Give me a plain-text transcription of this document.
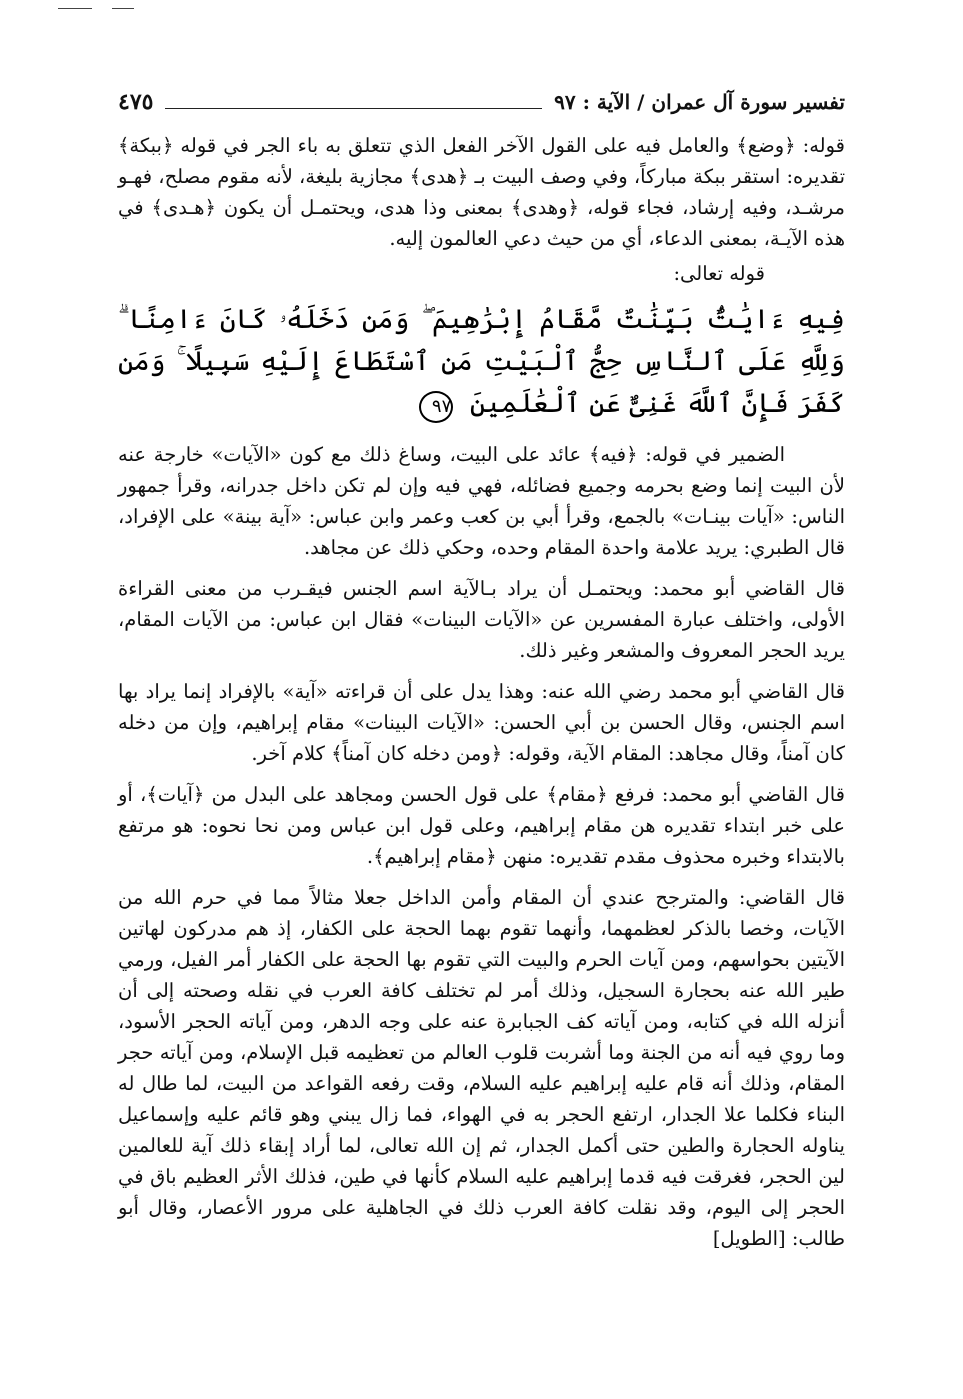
تفسير سورة آل عمران / الآية : ٩٧
٤٧٥

قوله: ﴿وضع﴾ والعامل فيه على القول الآخر الفعل الذي تتعلق به باء الجر في قوله ﴿ببكة﴾ تقديره: استقر ببكة مباركاً، وفي وصف البيت بـ ﴿هدى﴾ مجازية بليغة، لأنه مقوم مصلح، فهـو مرشـد، وفيه إرشاد، فجاء قوله، ﴿وهدى﴾ بمعنى وذا هدى، ويحتمـل أن يكون ﴿هـدى﴾ في هذه الآيـة، بمعنى الدعاء، أي من حيث دعي العالمون إليه.

قوله تعالى:

فِيهِ ءَايَٰتٌۢ بَيِّنَٰتٌ مَّقَامُ إِبْرَٰهِيمَ ۖ وَمَن دَخَلَهُۥ كَانَ ءَامِنًا ۗ وَلِلَّهِ عَلَى ٱلنَّاسِ حِجُّ ٱلْبَيْتِ مَنِ ٱسْتَطَاعَ إِلَيْهِ سَبِيلًا ۚ وَمَن كَفَرَ فَإِنَّ ٱللَّهَ غَنِىٌّ عَنِ ٱلْعَٰلَمِينَ ٩٧

الضمير في قوله: ﴿فيه﴾ عائد على البيت، وساغ ذلك مع كون «الآيات» خارجة عنه لأن البيت إنما وضع بحرمه وجميع فضائله، فهي فيه وإن لم تكن داخل جدرانه، وقرأ جمهور الناس: «آيات بينـات» بالجمع، وقرأ أبي بن كعب وعمر وابن عباس: «آية بينة» على الإفراد، قال الطبري: يريد علامة واحدة المقام وحده، وحكي ذلك عن مجاهد.

قال القاضي أبو محمد: ويحتمـل أن يراد بـالآية اسم الجنس فيقـرب من معنى القراءة الأولى، واختلف عبارة المفسرين عن «الآيات البينات» فقال ابن عباس: من الآيات المقام، يريد الحجر المعروف والمشعر وغير ذلك.

قال القاضي أبو محمد رضي الله عنه: وهذا يدل على أن قراءته «آية» بالإفراد إنما يراد بها اسم الجنس، وقال الحسن بن أبي الحسن: «الآيات البينات» مقام إبراهيم، وإن من دخله كان آمناً، وقال مجاهد: المقام الآية، وقوله: ﴿ومن دخله كان آمناً﴾ كلام آخر.

قال القاضي أبو محمد: فرفع ﴿مقام﴾ على قول الحسن ومجاهد على البدل من ﴿آيات﴾، أو على خبر ابتداء تقديره هن مقام إبراهيم، وعلى قول ابن عباس ومن نحا نحوه: هو مرتفع بالابتداء وخبره محذوف مقدم تقديره: منهن ﴿مقام إبراهيم﴾.

قال القاضي: والمترجح عندي أن المقام وأمن الداخل جعلا مثالاً مما في حرم الله من الآيات، وخصا بالذكر لعظمهما، وأنهما تقوم بهما الحجة على الكفار، إذ هم مدركون لهاتين الآيتين بحواسهم، ومن آيات الحرم والبيت التي تقوم بها الحجة على الكفار أمر الفيل، ورمي طير الله عنه بحجارة السجيل، وذلك أمر لم تختلف كافة العرب في نقله وصحته إلى أن أنزله الله في كتابه، ومن آياته كف الجبابرة عنه على وجه الدهر، ومن آياته الحجر الأسود، وما روي فيه أنه من الجنة وما أشربت قلوب العالم من تعظيمه قبل الإسلام، ومن آياته حجر المقام، وذلك أنه قام عليه إبراهيم عليه السلام، وقت رفعه القواعد من البيت، لما طال له البناء فكلما علا الجدار، ارتفع الحجر به في الهواء، فما زال يبني وهو قائم عليه وإسماعيل يناوله الحجارة والطين حتى أكمل الجدار، ثم إن الله تعالى، لما أراد إبقاء ذلك آية للعالمين لين الحجر، فغرقت فيه قدما إبراهيم عليه السلام كأنها في طين، فذلك الأثر العظيم باق في الحجر إلى اليوم، وقد نقلت كافة العرب ذلك في الجاهلية على مرور الأعصار، وقال أبو طالب: [الطويل]
